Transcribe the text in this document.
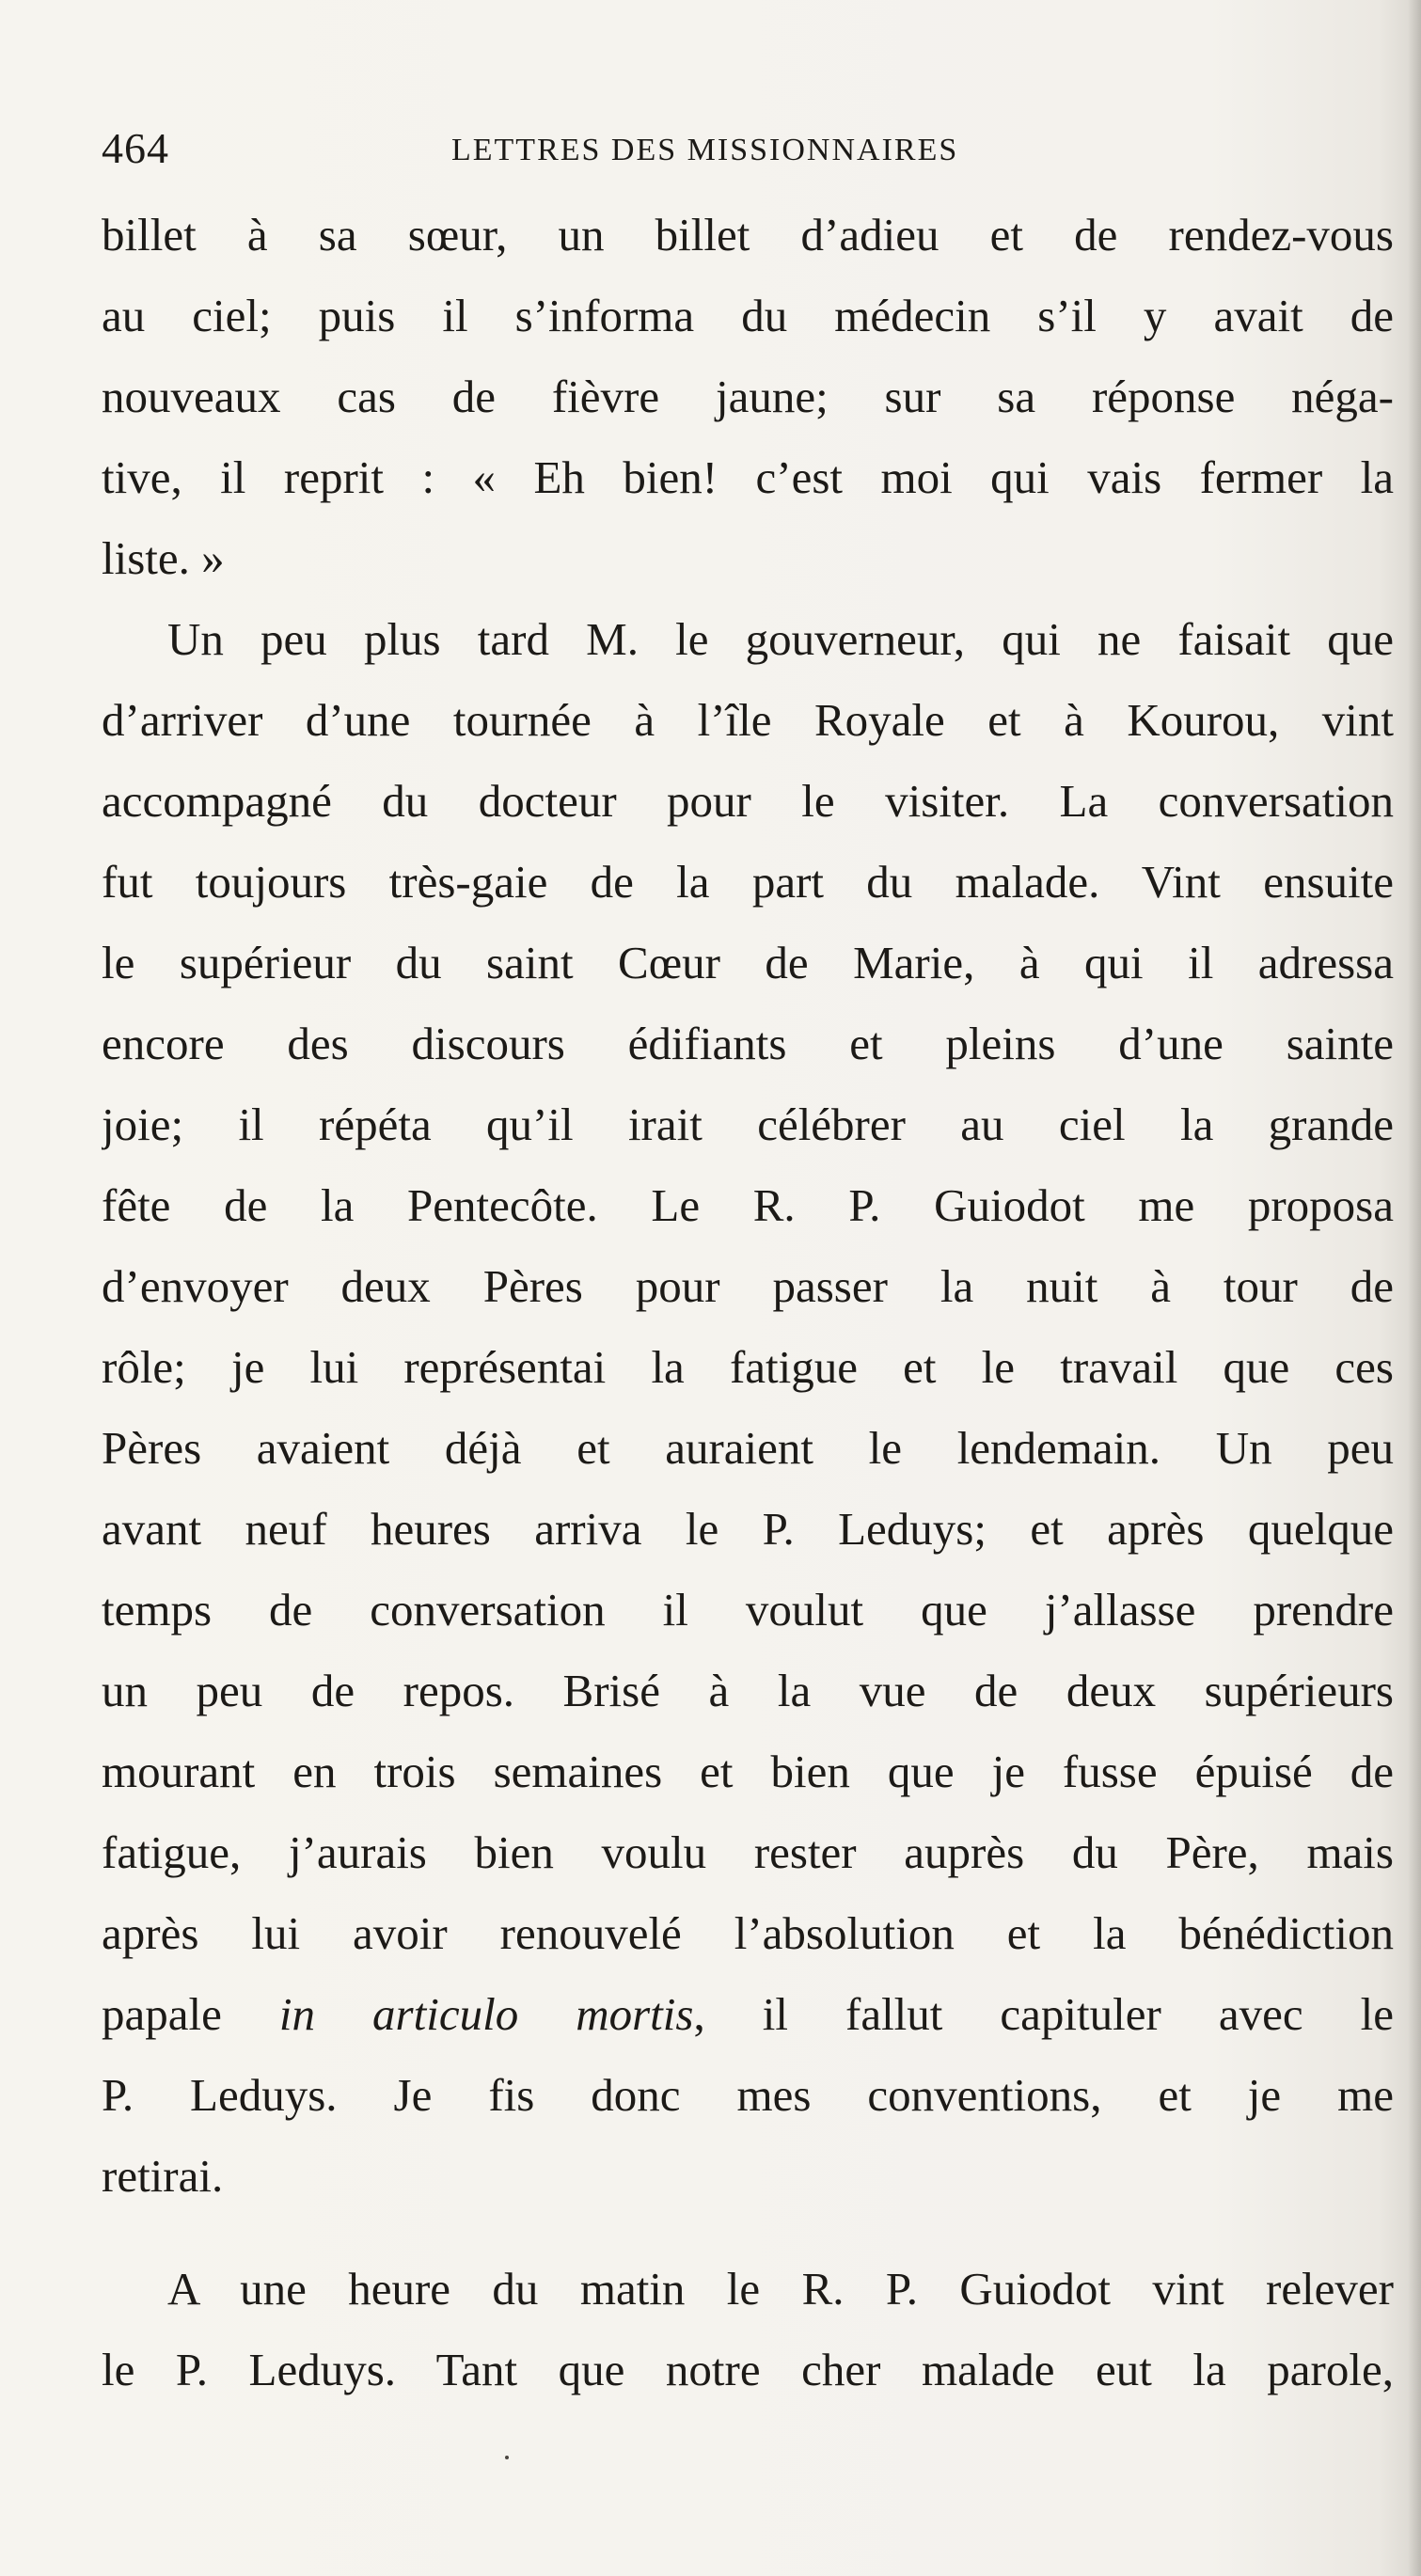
464	LETTRES DES MISSIONNAIRES
billet à sa sœur, un billet d’adieu et de rendez-vous
au ciel; puis il s’informa du médecin s’il y avait de
nouveaux cas de fièvre jaune; sur sa réponse néga-
tive, il reprit : « Eh bien! c’est moi qui vais fermer la
liste. »
Un peu plus tard M. le gouverneur, qui ne faisait que
d’arriver d’une tournée à l’île Royale et à Kourou, vint
accompagné du docteur pour le visiter. La conversation
fut toujours très-gaie de la part du malade. Vint ensuite
le supérieur du saint Cœur de Marie, à qui il adressa
encore des discours édifiants et pleins d’une sainte
joie; il répéta qu’il irait célébrer au ciel la grande
fête de la Pentecôte. Le R. P. Guiodot me proposa
d’envoyer deux Pères pour passer la nuit à tour de
rôle; je lui représentai la fatigue et le travail que ces
Pères avaient déjà et auraient le lendemain. Un peu
avant neuf heures arriva le P. Leduys; et après quelque
temps de conversation il voulut que j’allasse prendre
un peu de repos. Brisé à la vue de deux supérieurs
mourant en trois semaines et bien que je fusse épuisé de
fatigue, j’aurais bien voulu rester auprès du Père, mais
après lui avoir renouvelé l’absolution et la bénédiction
papale in articulo mortis, il fallut capituler avec le
P. Leduys. Je fis donc mes conventions, et je me
retirai.
A une heure du matin le R. P. Guiodot vint relever
le P. Leduys. Tant que notre cher malade eut la parole,
